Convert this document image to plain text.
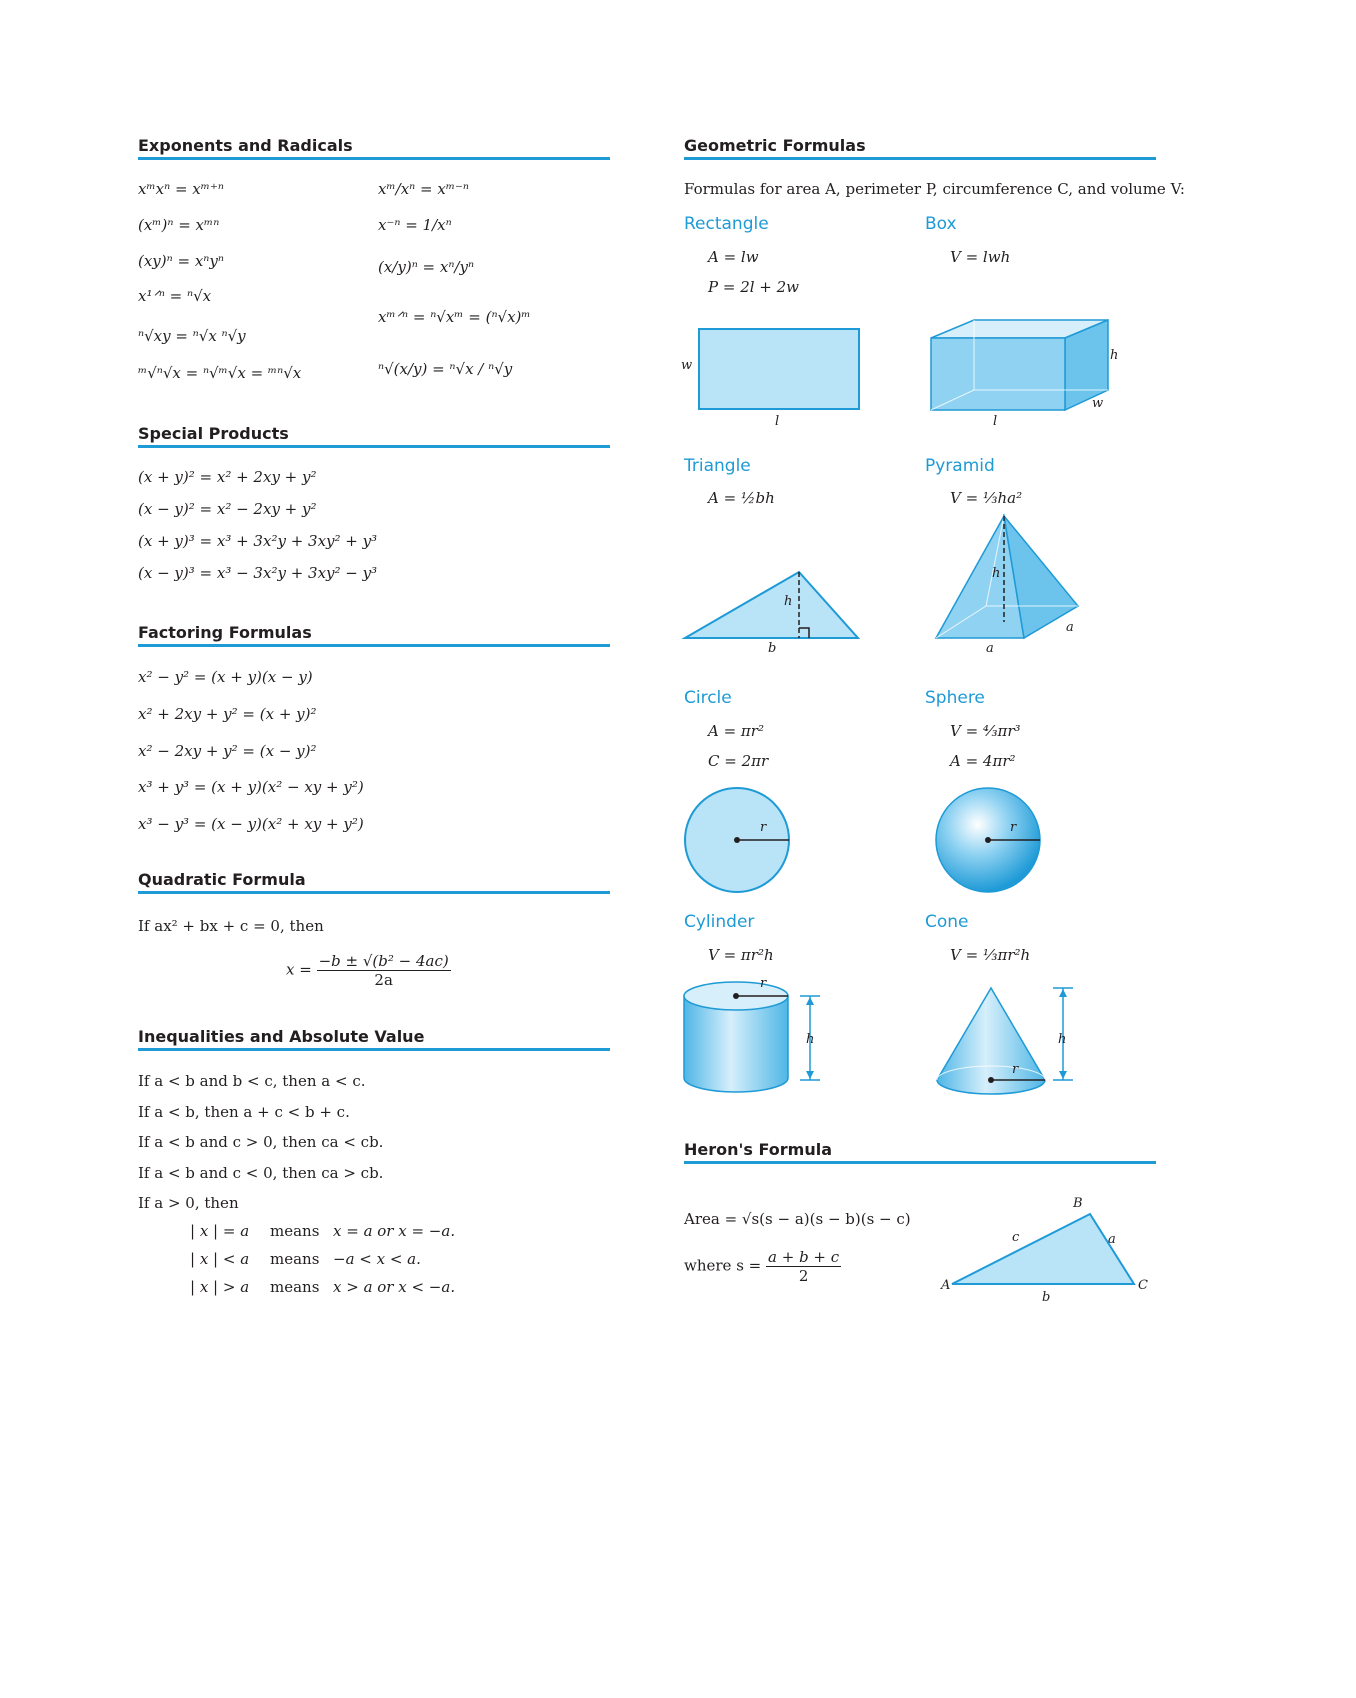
Exponents and Radicals
xᵐxⁿ = xᵐ⁺ⁿ
(xᵐ)ⁿ = xᵐⁿ
(xy)ⁿ = xⁿyⁿ
x¹ᐟⁿ = ⁿ√x
ⁿ√xy = ⁿ√x ⁿ√y
ᵐ√ⁿ√x = ⁿ√ᵐ√x = ᵐⁿ√x
xᵐ/xⁿ = xᵐ⁻ⁿ
x⁻ⁿ = 1/xⁿ
(x/y)ⁿ = xⁿ/yⁿ
xᵐᐟⁿ = ⁿ√xᵐ = (ⁿ√x)ᵐ
ⁿ√(x/y) = ⁿ√x / ⁿ√y
Special Products
(x + y)² = x² + 2xy + y²
(x − y)² = x² − 2xy + y²
(x + y)³ = x³ + 3x²y + 3xy² + y³
(x − y)³ = x³ − 3x²y + 3xy² − y³
Factoring Formulas
x² − y² = (x + y)(x − y)
x² + 2xy + y² = (x + y)²
x² − 2xy + y² = (x − y)²
x³ + y³ = (x + y)(x² − xy + y²)
x³ − y³ = (x − y)(x² + xy + y²)
Quadratic Formula
If ax² + bx + c = 0, then
$x = \frac{\text{−b ± √(b² − 4ac)}}{2a}$
Inequalities and Absolute Value
If a < b and b < c, then a < c.
If a < b, then a + c < b + c.
If a < b and c > 0, then ca < cb.
If a < b and c < 0, then ca > cb.
If a > 0, then
| x | = a means x = a or x = −a.
| x | < a means −a < x < a.
| x | > a means x > a or x < −a.
Geometric Formulas
Formulas for area A, perimeter P, circumference C, and volume V:
Rectangle
A = lw
P = 2l + 2w
w
l
Box
V = lwh
h
w
l
Triangle
A = ½bh
h
b
Pyramid
V = ⅓ha²
h
a
a
Circle
A = πr²
C = 2πr
r
Sphere
V = ⁴⁄₃πr³
A = 4πr²
r
Cylinder
V = πr²h
r
h
Cone
V = ⅓πr²h
r
h
Heron's Formula
Area = √s(s − a)(s − b)(s − c)
where $s = \frac{a + b + c}{2}$
B
A	C
c	a
b
